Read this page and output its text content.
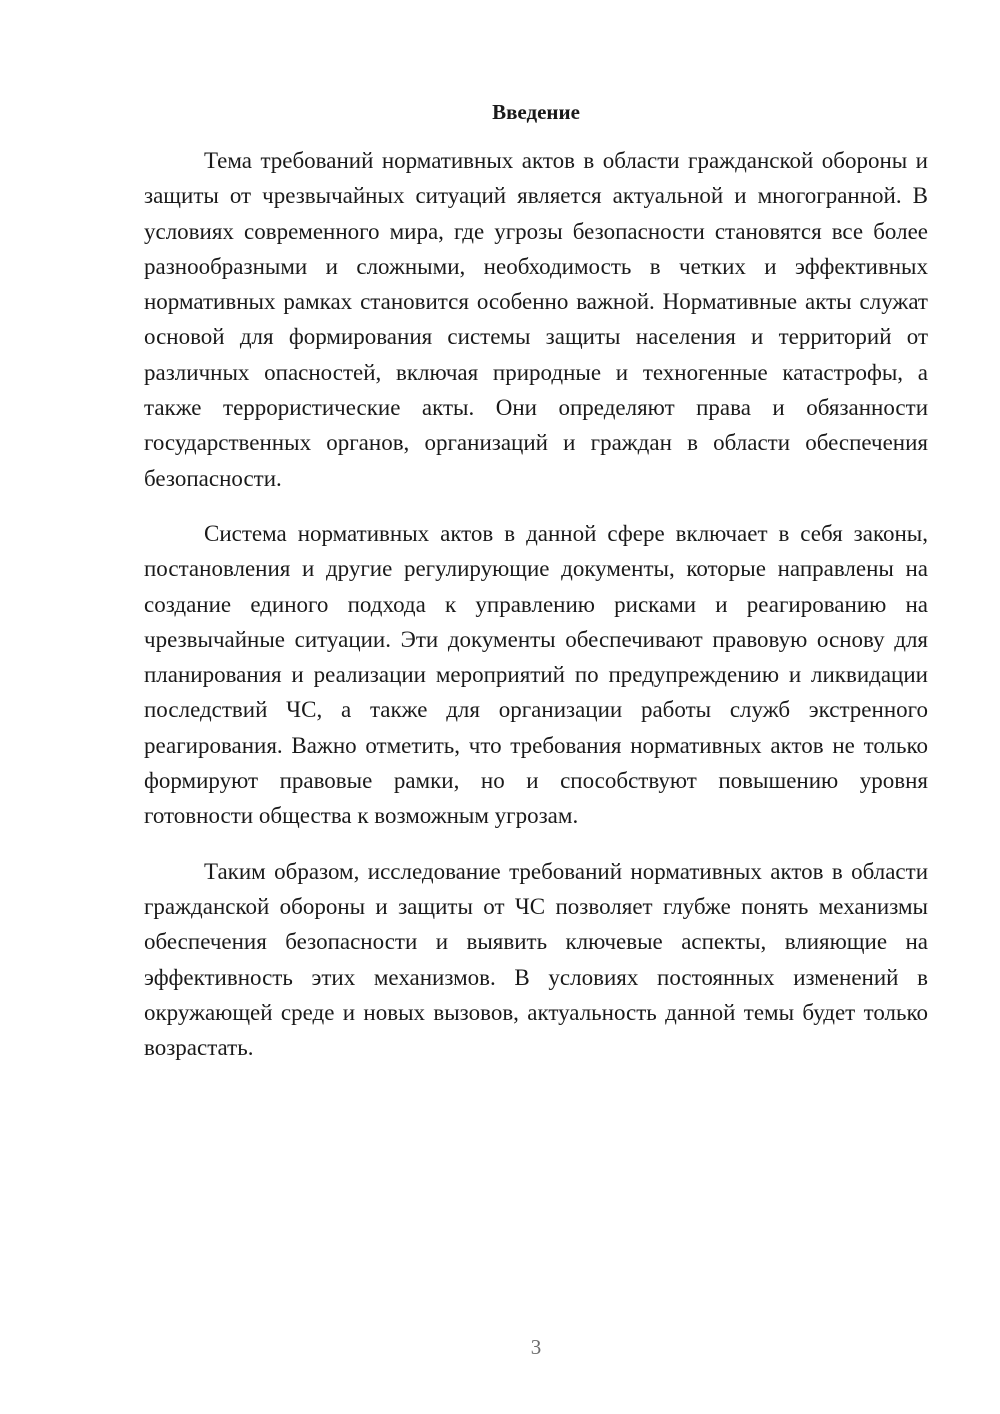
Введение

Тема требований нормативных актов в области гражданской обороны и защиты от чрезвычайных ситуаций является актуальной и многогранной. В условиях современного мира, где угрозы безопасности становятся все более разнообразными и сложными, необходимость в четких и эффективных нормативных рамках становится особенно важной. Нормативные акты служат основой для формирования системы защиты населения и территорий от различных опасностей, включая природные и техногенные катастрофы, а также террористические акты. Они определяют права и обязанности государственных органов, организаций и граждан в области обеспечения безопасности.

Система нормативных актов в данной сфере включает в себя законы, постановления и другие регулирующие документы, которые направлены на создание единого подхода к управлению рисками и реагированию на чрезвычайные ситуации. Эти документы обеспечивают правовую основу для планирования и реализации мероприятий по предупреждению и ликвидации последствий ЧС, а также для организации работы служб экстренного реагирования. Важно отметить, что требования нормативных актов не только формируют правовые рамки, но и способствуют повышению уровня готовности общества к возможным угрозам.

Таким образом, исследование требований нормативных актов в области гражданской обороны и защиты от ЧС позволяет глубже понять механизмы обеспечения безопасности и выявить ключевые аспекты, влияющие на эффективность этих механизмов. В условиях постоянных изменений в окружающей среде и новых вызовов, актуальность данной темы будет только возрастать.

3
